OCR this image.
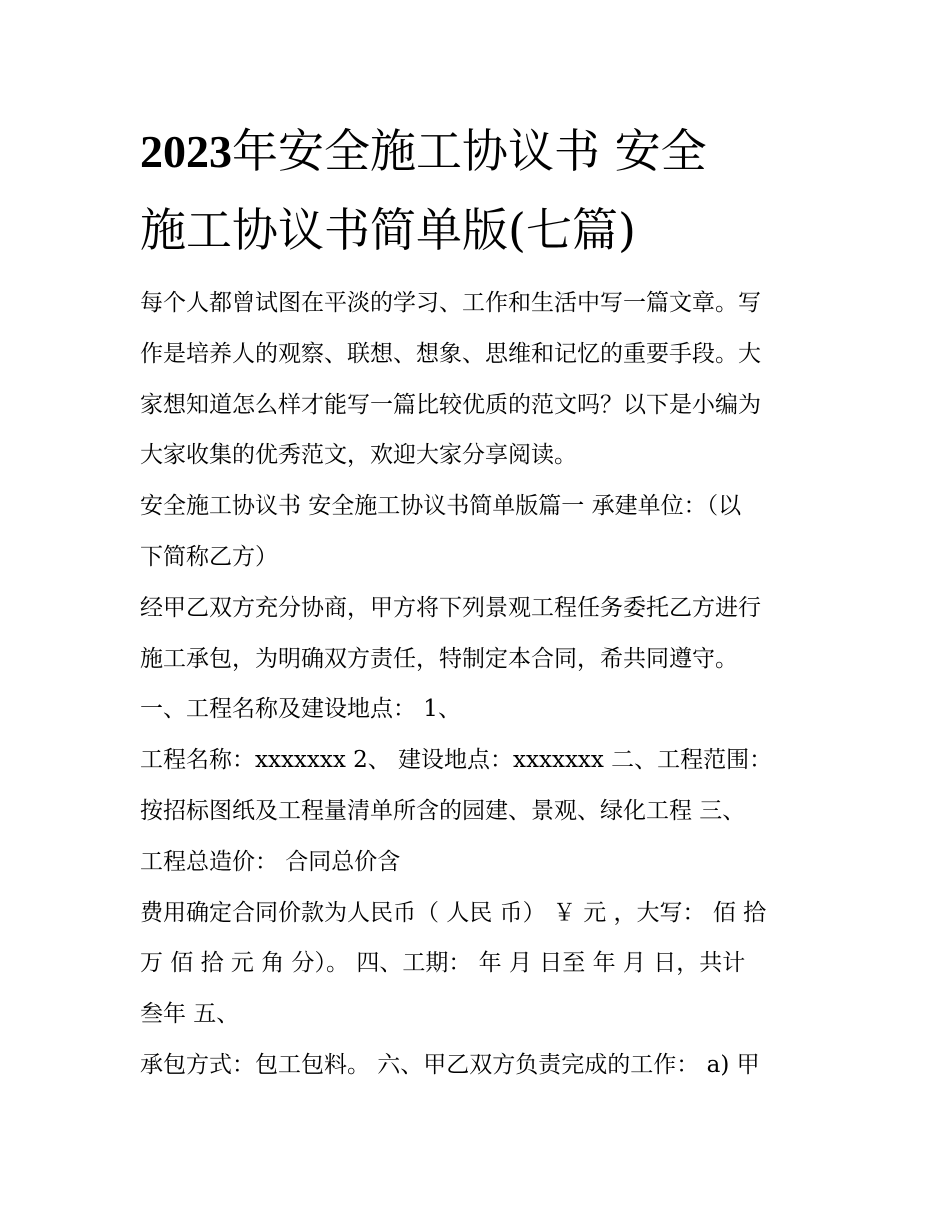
2023年安全施工协议书 安全
施工协议书简单版(七篇)

每个人都曾试图在平淡的学习、工作和生活中写一篇文章。写
作是培养人的观察、联想、想象、思维和记忆的重要手段。大
家想知道怎么样才能写一篇比较优质的范文吗？以下是小编为
大家收集的优秀范文，欢迎大家分享阅读。

安全施工协议书 安全施工协议书简单版篇一 承建单位：（以
下简称乙方）

经甲乙双方充分协商，甲方将下列景观工程任务委托乙方进行
施工承包，为明确双方责任，特制定本合同，希共同遵守。

一、工程名称及建设地点： 1、

工程名称：xxxxxxx 2、 建设地点：xxxxxxx 二、工程范围：
按招标图纸及工程量清单所含的园建、景观、绿化工程 三、
工程总造价： 合同总价含

费用确定合同价款为人民币（ 人民 币） ￥ 元 ，大写： 佰 拾
万 佰 拾 元 角 分）。 四、工期： 年 月 日至 年 月 日，共计
叁年 五、

承包方式：包工包料。 六、甲乙双方负责完成的工作： a) 甲
